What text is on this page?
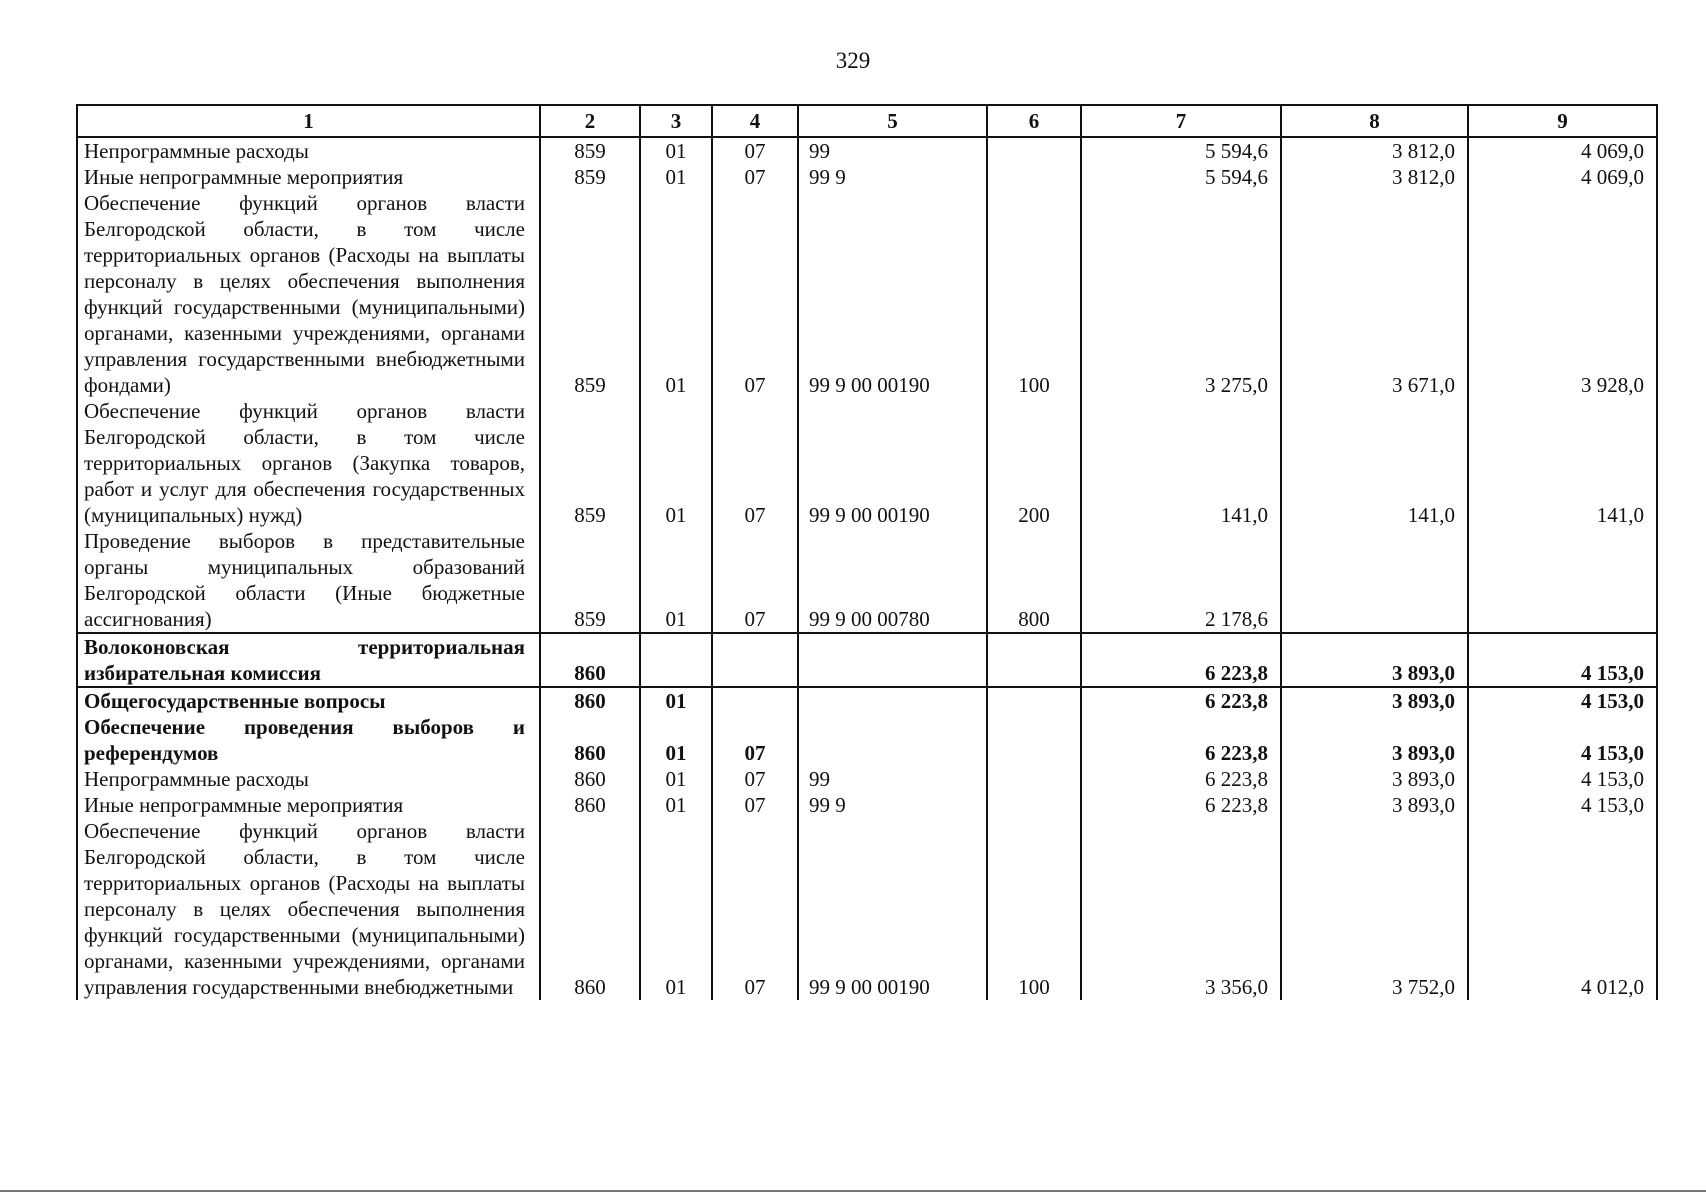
329
1	2	3	4	5	6	7	8	9
Непрограммные расходы	859	01	07	99		5 594,6	3 812,0	4 069,0
Иные непрограммные мероприятия	859	01	07	99 9		5 594,6	3 812,0	4 069,0
Обеспечение функций органов власти Белгородской области, в том числе территориальных органов (Расходы на выплаты персоналу в целях обеспечения выполнения функций государственными (муниципальными) органами, казенными учреждениями, органами управления государственными внебюджетными фондами)	859	01	07	99 9 00 00190	100	3 275,0	3 671,0	3 928,0
Обеспечение функций органов власти Белгородской области, в том числе территориальных органов (Закупка товаров, работ и услуг для обеспечения государственных (муниципальных) нужд)	859	01	07	99 9 00 00190	200	141,0	141,0	141,0
Проведение выборов в представительные органы муниципальных образований Белгородской области (Иные бюджетные ассигнования)	859	01	07	99 9 00 00780	800	2 178,6		
Волоконовская территориальная избирательная комиссия	860					6 223,8	3 893,0	4 153,0
Общегосударственные вопросы	860	01				6 223,8	3 893,0	4 153,0
Обеспечение проведения выборов и референдумов	860	01	07			6 223,8	3 893,0	4 153,0
Непрограммные расходы	860	01	07	99		6 223,8	3 893,0	4 153,0
Иные непрограммные мероприятия	860	01	07	99 9		6 223,8	3 893,0	4 153,0
Обеспечение функций органов власти Белгородской области, в том числе территориальных органов (Расходы на выплаты персоналу в целях обеспечения выполнения функций государственными (муниципальными) органами, казенными учреждениями, органами управления государственными внебюджетными	860	01	07	99 9 00 00190	100	3 356,0	3 752,0	4 012,0
